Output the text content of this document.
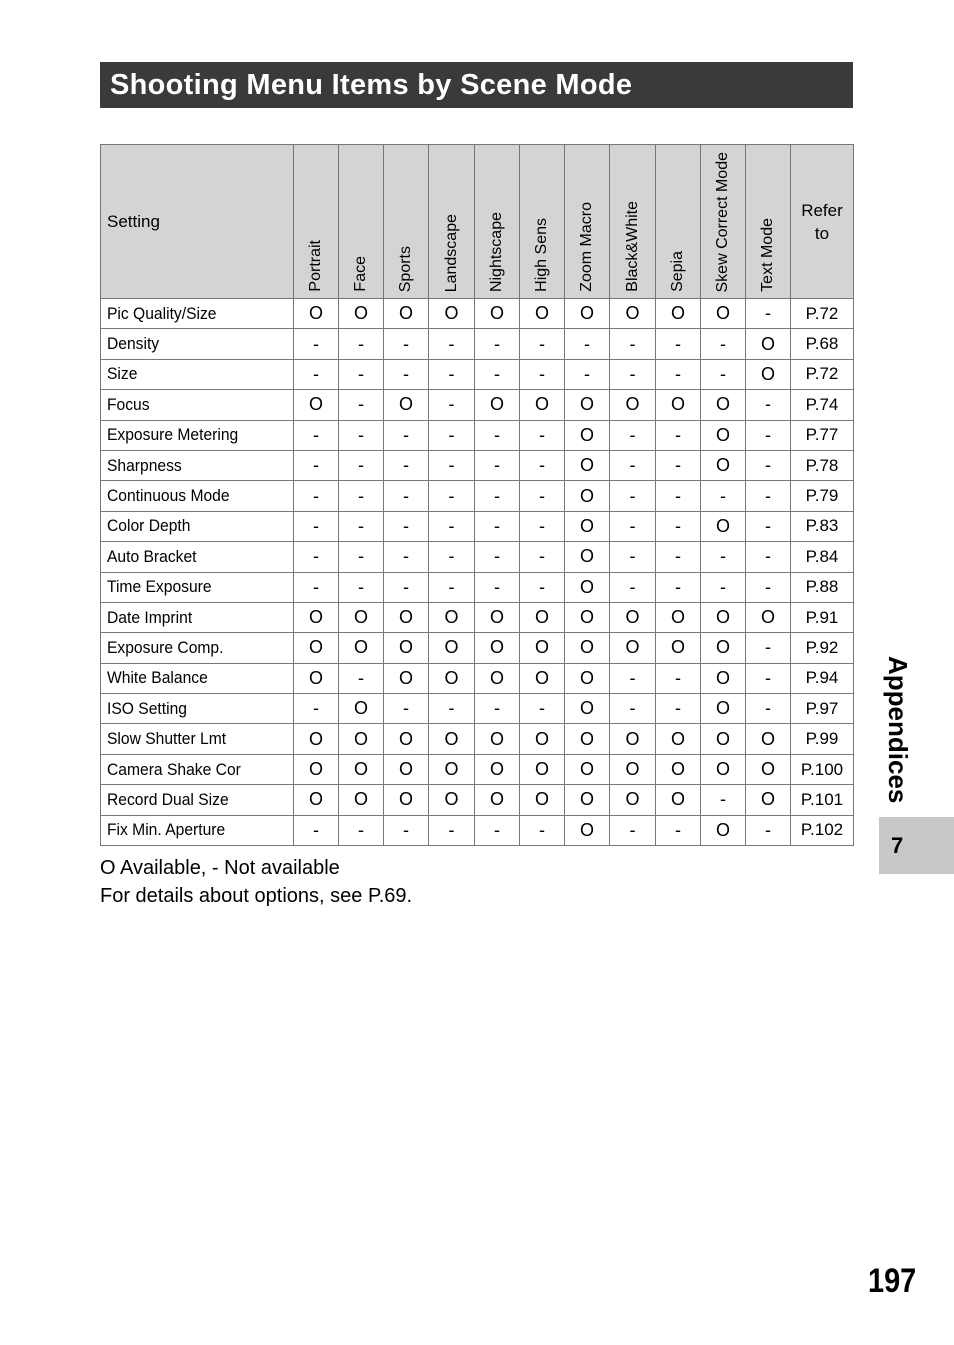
Shooting Menu Items by Scene Mode
Setting	Portrait	Face	Sports	Landscape	Nightscape	High Sens	Zoom Macro	Black&White	Sepia	Skew Correct Mode	Text Mode	Refer
to

Pic Quality/Size	O	O	O	O	O	O	O	O	O	O	-	P.72
Density	-	-	-	-	-	-	-	-	-	-	O	P.68
Size	-	-	-	-	-	-	-	-	-	-	O	P.72
Focus	O	-	O	-	O	O	O	O	O	O	-	P.74
Exposure Metering	-	-	-	-	-	-	O	-	-	O	-	P.77
Sharpness	-	-	-	-	-	-	O	-	-	O	-	P.78
Continuous Mode	-	-	-	-	-	-	O	-	-	-	-	P.79
Color Depth	-	-	-	-	-	-	O	-	-	O	-	P.83
Auto Bracket	-	-	-	-	-	-	O	-	-	-	-	P.84
Time Exposure	-	-	-	-	-	-	O	-	-	-	-	P.88
Date Imprint	O	O	O	O	O	O	O	O	O	O	O	P.91
Exposure Comp.	O	O	O	O	O	O	O	O	O	O	-	P.92
White Balance	O	-	O	O	O	O	O	-	-	O	-	P.94
ISO Setting	-	O	-	-	-	-	O	-	-	O	-	P.97
Slow Shutter Lmt	O	O	O	O	O	O	O	O	O	O	O	P.99
Camera Shake Cor	O	O	O	O	O	O	O	O	O	O	O	P.100
Record Dual Size	O	O	O	O	O	O	O	O	O	-	O	P.101
Fix Min. Aperture	-	-	-	-	-	-	O	-	-	O	-	P.102
O Available, - Not available
For details about options, see P.69.
Appendices
7
197
